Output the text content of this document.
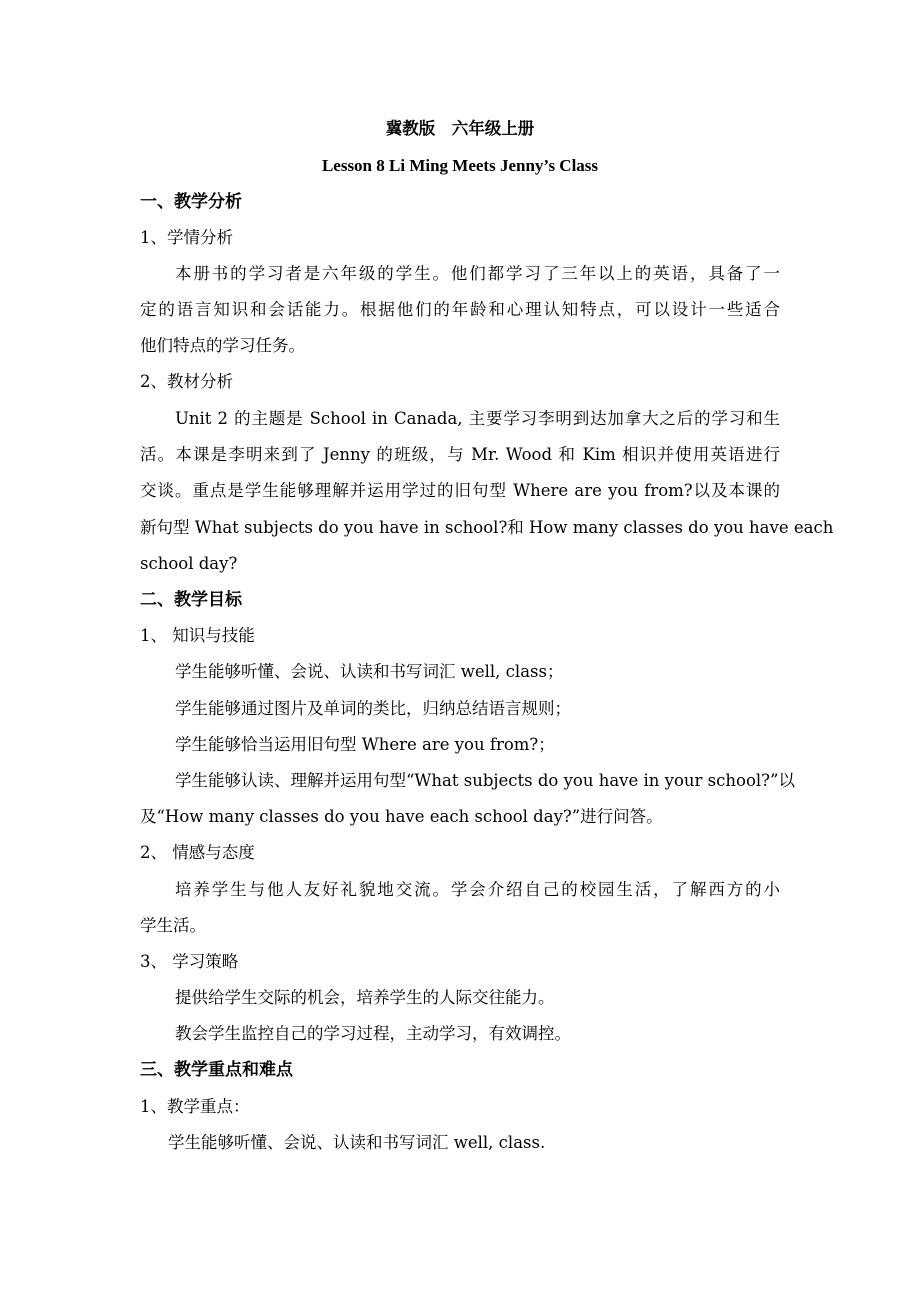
冀教版　六年级上册
Lesson 8 Li Ming Meets Jenny’s Class
一、教学分析
1、学情分析
本册书的学习者是六年级的学生。他们都学习了三年以上的英语，具备了一
定的语言知识和会话能力。根据他们的年龄和心理认知特点，可以设计一些适合
他们特点的学习任务。
2、教材分析
Unit 2 的主题是 School in Canada, 主要学习李明到达加拿大之后的学习和生
活。本课是李明来到了 Jenny 的班级，与 Mr. Wood 和 Kim 相识并使用英语进行
交谈。重点是学生能够理解并运用学过的旧句型 Where are you from?以及本课的
新句型 What subjects do you have in school?和 How many classes do you have each
school day?
二、教学目标
1、 知识与技能
学生能够听懂、会说、认读和书写词汇 well, class；
学生能够通过图片及单词的类比，归纳总结语言规则；
学生能够恰当运用旧句型 Where are you from?；
学生能够认读、理解并运用句型“What subjects do you have in your school?”以
及“How many classes do you have each school day?”进行问答。
2、 情感与态度
培养学生与他人友好礼貌地交流。学会介绍自己的校园生活，了解西方的小
学生活。
3、 学习策略
提供给学生交际的机会，培养学生的人际交往能力。
教会学生监控自己的学习过程，主动学习，有效调控。
三、教学重点和难点
1、教学重点：
学生能够听懂、会说、认读和书写词汇 well, class.
